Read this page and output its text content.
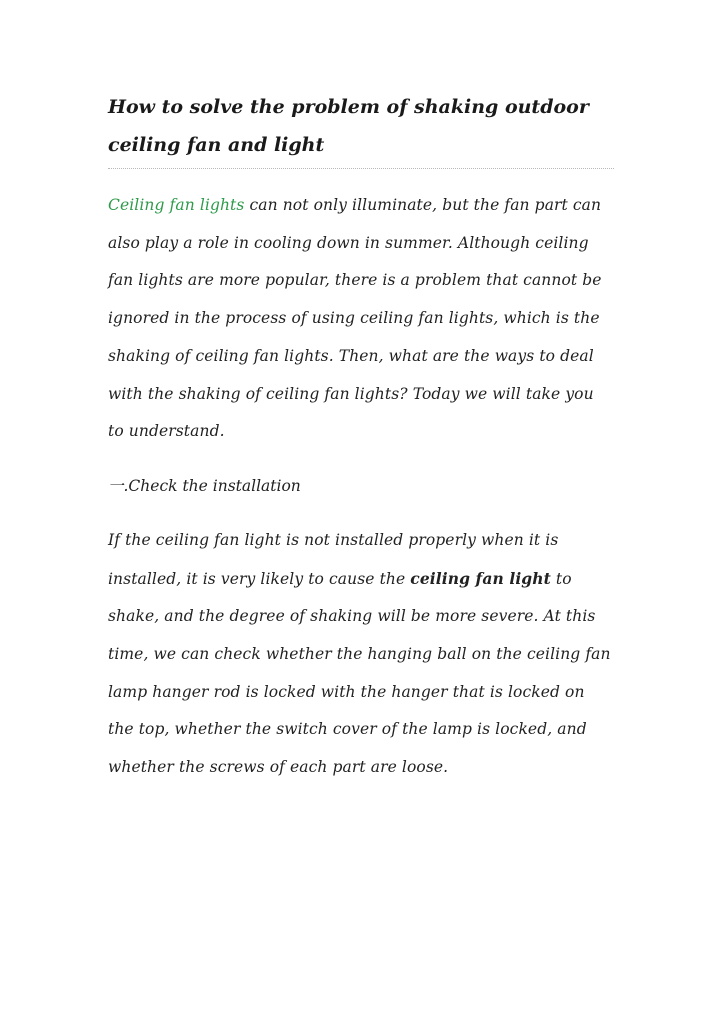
How to solve the problem of shaking outdoor ceiling fan and light

Ceiling fan lights can not only illuminate, but the fan part can also play a role in cooling down in summer. Although ceiling fan lights are more popular, there is a problem that cannot be ignored in the process of using ceiling fan lights, which is the shaking of ceiling fan lights. Then, what are the ways to deal with the shaking of ceiling fan lights? Today we will take you to understand.

一.Check the installation

If the ceiling fan light is not installed properly when it is installed, it is very likely to cause the ceiling fan light to shake, and the degree of shaking will be more severe. At this time, we can check whether the hanging ball on the ceiling fan lamp hanger rod is locked with the hanger that is locked on the top, whether the switch cover of the lamp is locked, and whether the screws of each part are loose.
